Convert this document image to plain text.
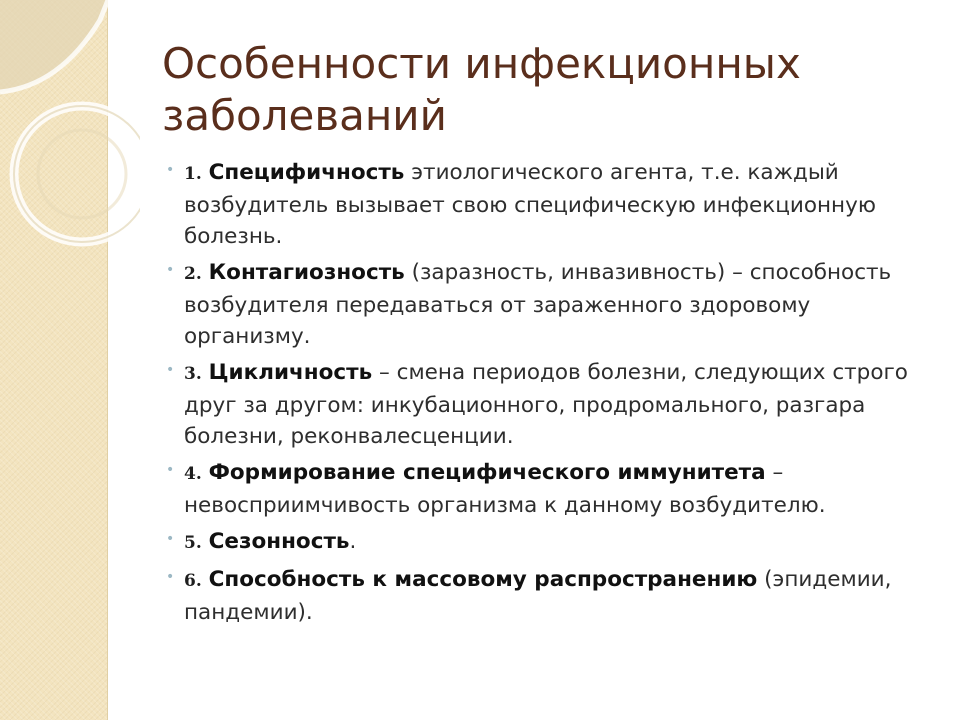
Особенности инфекционных заболеваний
• 1. Специфичность этиологического агента, т.е. каждый возбудитель вызывает свою специфическую инфекционную болезнь.
• 2. Контагиозность (заразность, инвазивность) – способность возбудителя передаваться от зараженного здоровому организму.
• 3. Цикличность – смена периодов болезни, следующих строго друг за другом: инкубационного, продромального, разгара болезни, реконвалесценции.
• 4. Формирование специфического иммунитета – невосприимчивость организма к данному возбудителю.
• 5. Сезонность.
• 6. Способность к массовому распространению (эпидемии, пандемии).
